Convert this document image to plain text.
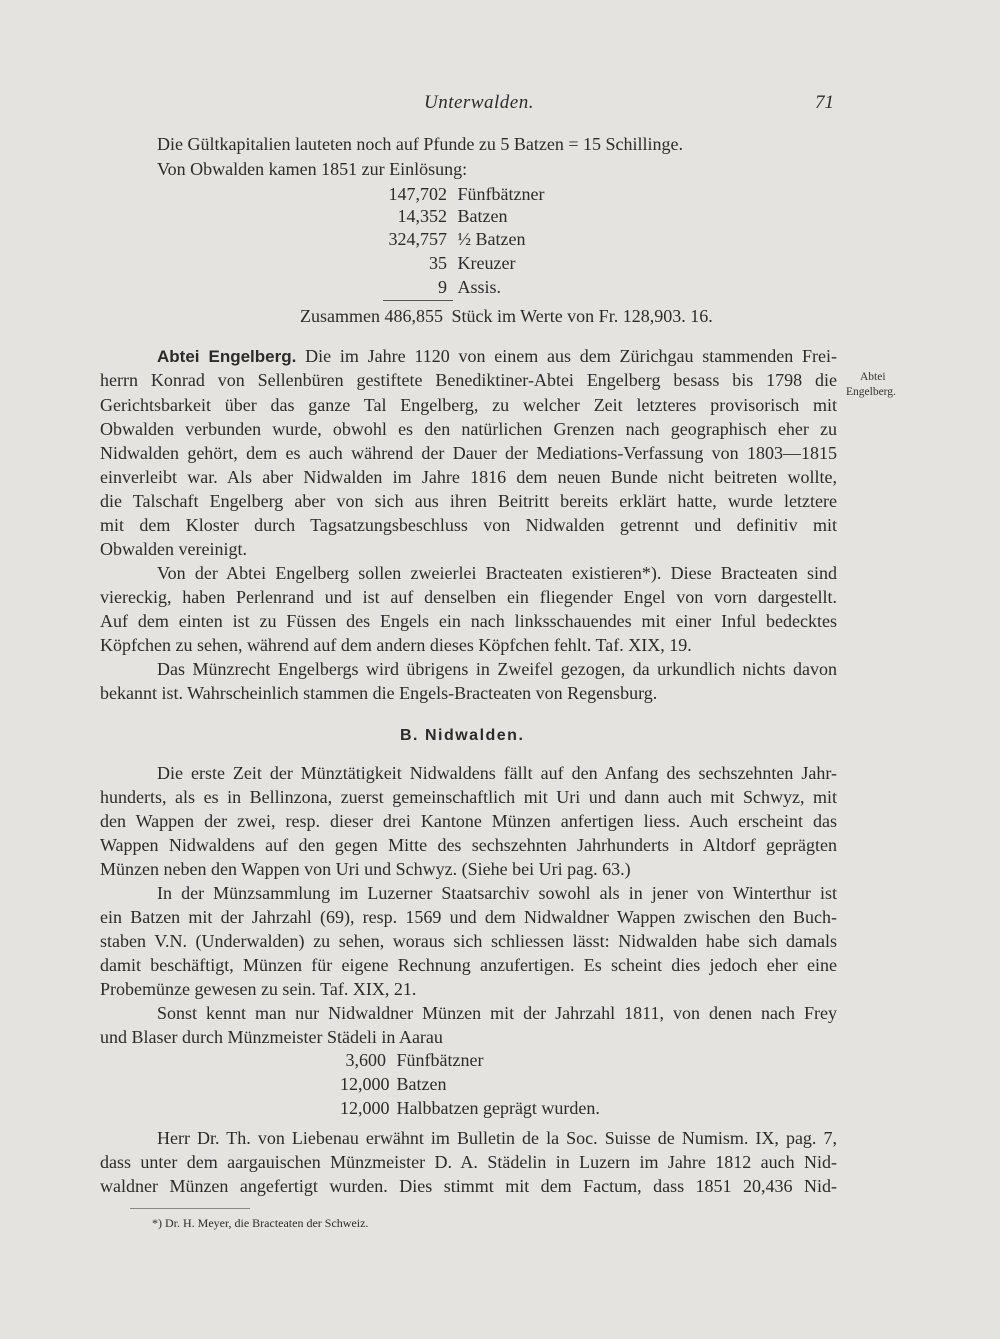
Unterwalden.	71
Die Gültkapitalien lauteten noch auf Pfunde zu 5 Batzen = 15 Schillinge.
Von Obwalden kamen 1851 zur Einlösung:
147,702 Fünfbätzner
14,352 Batzen
324,757 ½ Batzen
35 Kreuzer
9 Assis.
Zusammen 486,855 Stück im Werte von Fr. 128,903. 16.
Abtei
Engelberg.
Abtei Engelberg. Die im Jahre 1120 von einem aus dem Zürichgau stammenden Frei-
herrn Konrad von Sellenbüren gestiftete Benediktiner-Abtei Engelberg besass bis 1798 die
Gerichtsbarkeit über das ganze Tal Engelberg, zu welcher Zeit letzteres provisorisch mit
Obwalden verbunden wurde, obwohl es den natürlichen Grenzen nach geographisch eher zu
Nidwalden gehört, dem es auch während der Dauer der Mediations-Verfassung von 1803—1815
einverleibt war. Als aber Nidwalden im Jahre 1816 dem neuen Bunde nicht beitreten wollte,
die Talschaft Engelberg aber von sich aus ihren Beitritt bereits erklärt hatte, wurde letztere
mit dem Kloster durch Tagsatzungsbeschluss von Nidwalden getrennt und definitiv mit
Obwalden vereinigt.
Von der Abtei Engelberg sollen zweierlei Bracteaten existieren*). Diese Bracteaten sind
viereckig, haben Perlenrand und ist auf denselben ein fliegender Engel von vorn dargestellt.
Auf dem einten ist zu Füssen des Engels ein nach linksschauendes mit einer Inful bedecktes
Köpfchen zu sehen, während auf dem andern dieses Köpfchen fehlt. Taf. XIX, 19.
Das Münzrecht Engelbergs wird übrigens in Zweifel gezogen, da urkundlich nichts davon
bekannt ist. Wahrscheinlich stammen die Engels-Bracteaten von Regensburg.
B. Nidwalden.
Die erste Zeit der Münztätigkeit Nidwaldens fällt auf den Anfang des sechszehnten Jahr-
hunderts, als es in Bellinzona, zuerst gemeinschaftlich mit Uri und dann auch mit Schwyz, mit
den Wappen der zwei, resp. dieser drei Kantone Münzen anfertigen liess. Auch erscheint das
Wappen Nidwaldens auf den gegen Mitte des sechszehnten Jahrhunderts in Altdorf geprägten
Münzen neben den Wappen von Uri und Schwyz. (Siehe bei Uri pag. 63.)
In der Münzsammlung im Luzerner Staatsarchiv sowohl als in jener von Winterthur ist
ein Batzen mit der Jahrzahl (69), resp. 1569 und dem Nidwaldner Wappen zwischen den Buch-
staben V.N. (Underwalden) zu sehen, woraus sich schliessen lässt: Nidwalden habe sich damals
damit beschäftigt, Münzen für eigene Rechnung anzufertigen. Es scheint dies jedoch eher eine
Probemünze gewesen zu sein. Taf. XIX, 21.
Sonst kennt man nur Nidwaldner Münzen mit der Jahrzahl 1811, von denen nach Frey
und Blaser durch Münzmeister Städeli in Aarau
3,600 Fünfbätzner
12,000 Batzen
12,000 Halbbatzen geprägt wurden.
Herr Dr. Th. von Liebenau erwähnt im Bulletin de la Soc. Suisse de Numism. IX, pag. 7,
dass unter dem aargauischen Münzmeister D. A. Städelin in Luzern im Jahre 1812 auch Nid-
waldner Münzen angefertigt wurden. Dies stimmt mit dem Factum, dass 1851 20,436 Nid-
*) Dr. H. Meyer, die Bracteaten der Schweiz.
